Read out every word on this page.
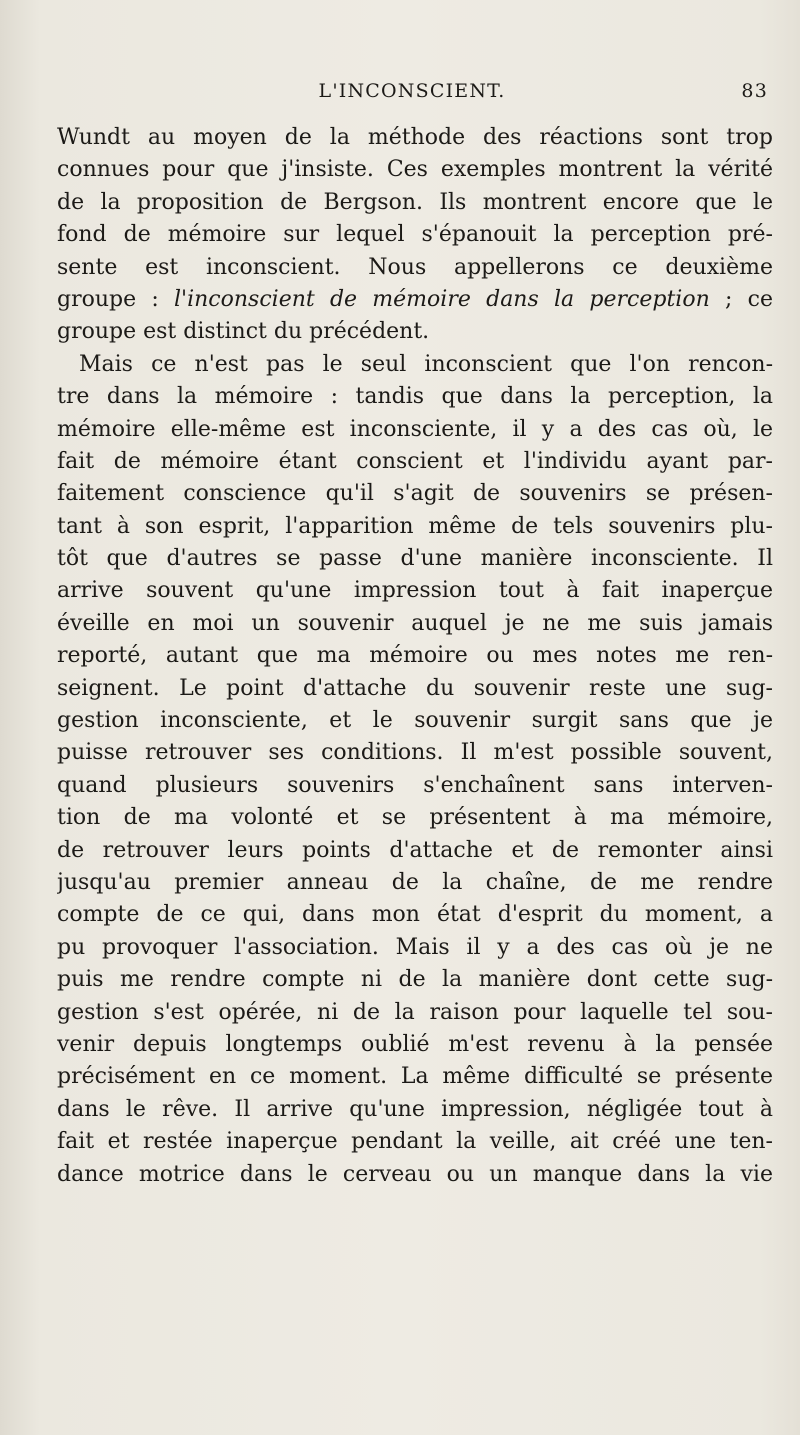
L'INCONSCIENT.	83

Wundt au moyen de la méthode des réactions sont trop
connues pour que j'insiste. Ces exemples montrent la vérité
de la proposition de Bergson. Ils montrent encore que le
fond de mémoire sur lequel s'épanouit la perception pré-
sente est inconscient. Nous appellerons ce deuxième
groupe : l'inconscient de mémoire dans la perception ; ce
groupe est distinct du précédent.

Mais ce n'est pas le seul inconscient que l'on rencon-
tre dans la mémoire : tandis que dans la perception, la
mémoire elle-même est inconsciente, il y a des cas où, le
fait de mémoire étant conscient et l'individu ayant par-
faitement conscience qu'il s'agit de souvenirs se présen-
tant à son esprit, l'apparition même de tels souvenirs plu-
tôt que d'autres se passe d'une manière inconsciente. Il
arrive souvent qu'une impression tout à fait inaperçue
éveille en moi un souvenir auquel je ne me suis jamais
reporté, autant que ma mémoire ou mes notes me ren-
seignent. Le point d'attache du souvenir reste une sug-
gestion inconsciente, et le souvenir surgit sans que je
puisse retrouver ses conditions. Il m'est possible souvent,
quand plusieurs souvenirs s'enchaînent sans interven-
tion de ma volonté et se présentent à ma mémoire,
de retrouver leurs points d'attache et de remonter ainsi
jusqu'au premier anneau de la chaîne, de me rendre
compte de ce qui, dans mon état d'esprit du moment, a
pu provoquer l'association. Mais il y a des cas où je ne
puis me rendre compte ni de la manière dont cette sug-
gestion s'est opérée, ni de la raison pour laquelle tel sou-
venir depuis longtemps oublié m'est revenu à la pensée
précisément en ce moment. La même difficulté se présente
dans le rêve. Il arrive qu'une impression, négligée tout à
fait et restée inaperçue pendant la veille, ait créé une ten-
dance motrice dans le cerveau ou un manque dans la vie
